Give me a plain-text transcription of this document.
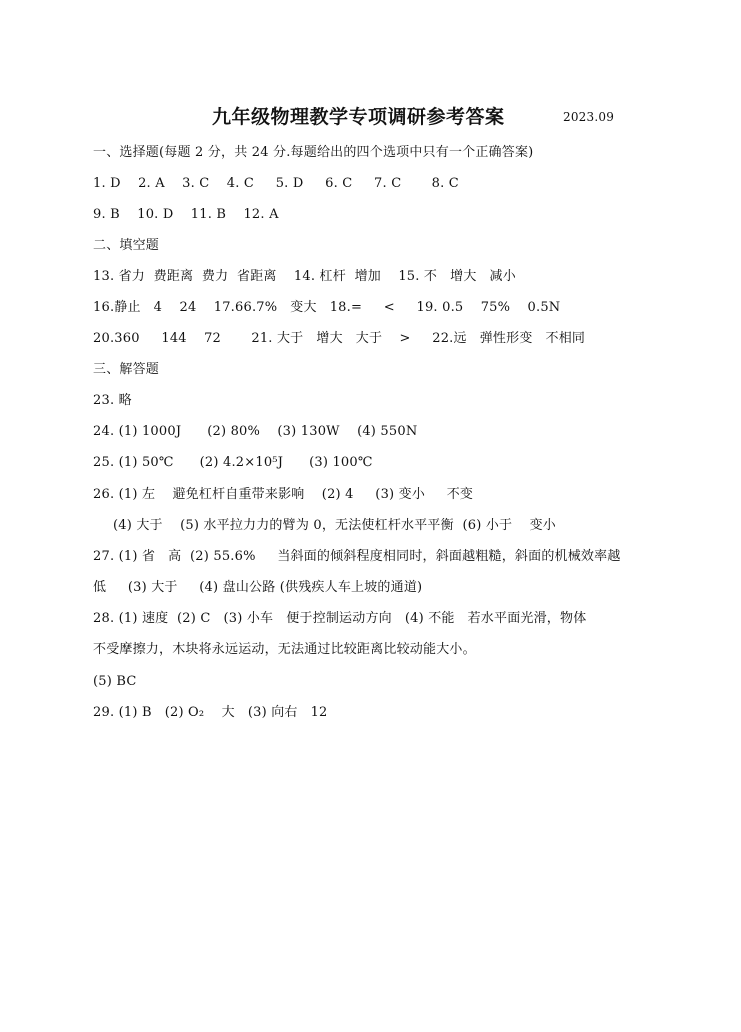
九年级物理教学专项调研参考答案	2023.09
一、选择题(每题 2 分，共 24 分.每题给出的四个选项中只有一个正确答案)
1. D    2. A    3. C    4. C     5. D     6. C     7. C       8. C
9. B    10. D    11. B    12. A
二、填空题
13. 省力  费距离  费力  省距离    14. 杠杆  增加    15. 不   增大   减小
16.静止   4    24    17.66.7%   变大   18.=     <     19. 0.5    75%    0.5N
20.360     144    72       21. 大于   增大   大于    >     22.远   弹性形变   不相同
三、解答题
23. 略
24. (1) 1000J      (2) 80%    (3) 130W    (4) 550N
25. (1) 50℃      (2) 4.2×10⁵J      (3) 100℃
26. (1) 左    避免杠杆自重带来影响    (2) 4     (3) 变小     不变
(4) 大于    (5) 水平拉力力的臂为 0，无法使杠杆水平平衡  (6) 小于    变小
27. (1) 省   高  (2) 55.6%     当斜面的倾斜程度相同时，斜面越粗糙，斜面的机械效率越
低     (3) 大于     (4) 盘山公路 (供残疾人车上坡的通道)
28. (1) 速度  (2) C   (3) 小车   便于控制运动方向   (4) 不能   若水平面光滑，物体
不受摩擦力，木块将永远运动，无法通过比较距离比较动能大小。
(5) BC
29. (1) B   (2) O₂    大   (3) 向右   12
